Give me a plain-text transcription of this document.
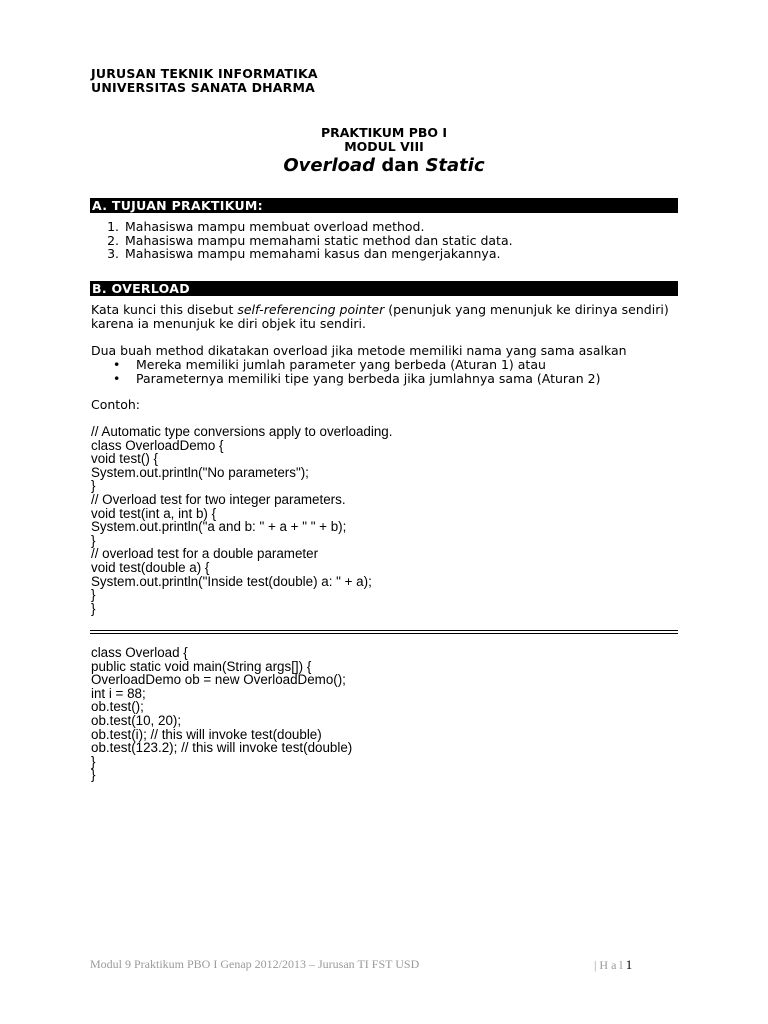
JURUSAN TEKNIK INFORMATIKA
UNIVERSITAS SANATA DHARMA
PRAKTIKUM PBO I
MODUL VIII
Overload dan Static
A. TUJUAN PRAKTIKUM:
1. Mahasiswa mampu membuat overload method.
2. Mahasiswa mampu memahami static method dan static data.
3. Mahasiswa mampu memahami kasus dan mengerjakannya.
B. OVERLOAD
Kata kunci this disebut self-referencing pointer (penunjuk yang menunjuk ke dirinya sendiri) karena ia menunjuk ke diri objek itu sendiri.
Dua buah method dikatakan overload jika metode memiliki nama yang sama asalkan
• Mereka memiliki jumlah parameter yang berbeda (Aturan 1) atau
• Parameternya memiliki tipe yang berbeda jika jumlahnya sama (Aturan 2)
Contoh:
// Automatic type conversions apply to overloading.
class OverloadDemo {
void test() {
System.out.println("No parameters");
}
// Overload test for two integer parameters.
void test(int a, int b) {
System.out.println("a and b: " + a + " " + b);
}
// overload test for a double parameter
void test(double a) {
System.out.println("Inside test(double) a: " + a);
}
}
class Overload {
public static void main(String args[]) {
OverloadDemo ob = new OverloadDemo();
int i = 88;
ob.test();
ob.test(10, 20);
ob.test(i); // this will invoke test(double)
ob.test(123.2); // this will invoke test(double)
}
}
Modul 9 Praktikum PBO I Genap 2012/2013 – Jurusan TI FST USD	| H a l 1
